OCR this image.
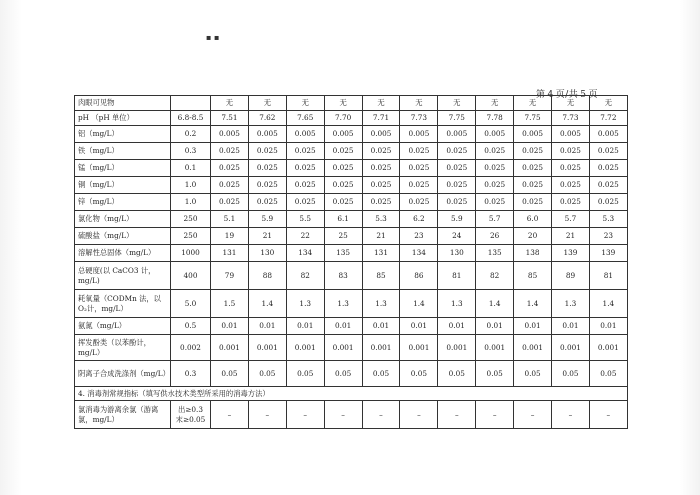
▪ ▪
第 4 页/共 5 页
肉眼可见物		无	无	无	无	无	无	无	无	无	无	无
pH （pH 单位）	6.8-8.5	7.51	7.62	7.65	7.70	7.71	7.73	7.75	7.78	7.75	7.73	7.72
铝（mg/L）	0.2	0.005	0.005	0.005	0.005	0.005	0.005	0.005	0.005	0.005	0.005	0.005
铁（mg/L）	0.3	0.025	0.025	0.025	0.025	0.025	0.025	0.025	0.025	0.025	0.025	0.025
锰（mg/L）	0.1	0.025	0.025	0.025	0.025	0.025	0.025	0.025	0.025	0.025	0.025	0.025
铜（mg/L）	1.0	0.025	0.025	0.025	0.025	0.025	0.025	0.025	0.025	0.025	0.025	0.025
锌（mg/L）	1.0	0.025	0.025	0.025	0.025	0.025	0.025	0.025	0.025	0.025	0.025	0.025
氯化物（mg/L）	250	5.1	5.9	5.5	6.1	5.3	6.2	5.9	5.7	6.0	5.7	5.3
硫酸盐（mg/L）	250	19	21	22	25	21	23	24	26	20	21	23
溶解性总固体（mg/L）	1000	131	130	134	135	131	134	130	135	138	139	139
总硬度(以 CaCO3 计，mg/L)	400	79	88	82	83	85	86	81	82	85	89	81
耗氧量（CODMn 法，以 O₂计，mg/L）	5.0	1.5	1.4	1.3	1.3	1.3	1.4	1.3	1.4	1.4	1.3	1.4
氨氮（mg/L）	0.5	0.01	0.01	0.01	0.01	0.01	0.01	0.01	0.01	0.01	0.01	0.01
挥发酚类（以苯酚计，mg/L）	0.002	0.001	0.001	0.001	0.001	0.001	0.001	0.001	0.001	0.001	0.001	0.001
阴离子合成洗涤剂（mg/L）	0.3	0.05	0.05	0.05	0.05	0.05	0.05	0.05	0.05	0.05	0.05	0.05
4. 消毒剂常规指标（填写供水技术类型所采用的消毒方法）												
氯消毒为游离余氯（游离氯，mg/L）	出≥0.3
末≥0.05	–	–	–	–	–	–	–	–	–	–	–
